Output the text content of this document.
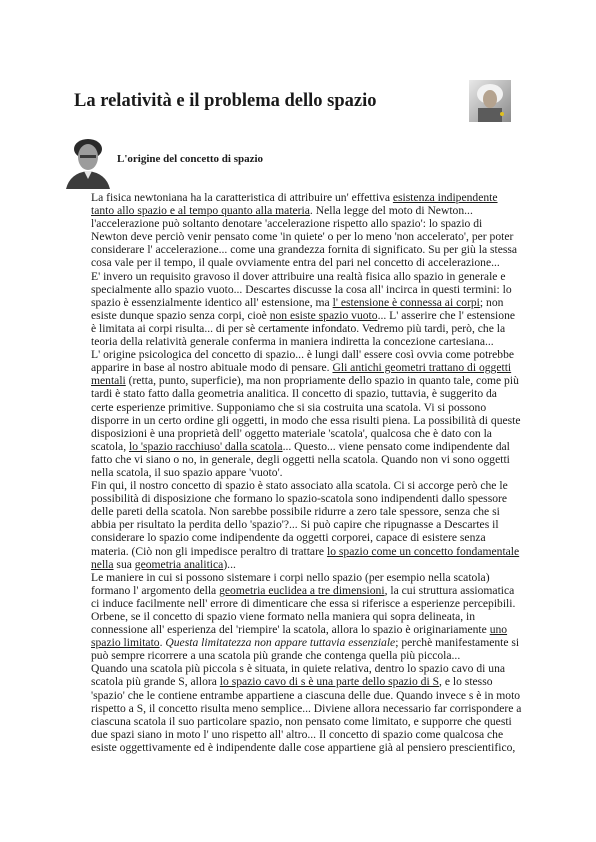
La relatività e il problema dello spazio
L'origine del concetto di spazio

La fisica newtoniana ha la caratteristica di attribuire un' effettiva esistenza indipendente
tanto allo spazio e al tempo quanto alla materia. Nella legge del moto di Newton...
l'accelerazione può soltanto denotare 'accelerazione rispetto allo spazio': lo spazio di
Newton deve perciò venir pensato come 'in quiete' o per lo meno 'non accelerato', per poter
considerare l' accelerazione... come una grandezza fornita di significato. Su per giù la stessa
cosa vale per il tempo, il quale ovviamente entra del pari nel concetto di accelerazione...

E' invero un requisito gravoso il dover attribuire una realtà fisica allo spazio in generale e
specialmente allo spazio vuoto... Descartes discusse la cosa all' incirca in questi termini: lo
spazio è essenzialmente identico all' estensione, ma l' estensione è connessa ai corpi; non
esiste dunque spazio senza corpi, cioè non esiste spazio vuoto... L' asserire che l' estensione
è limitata ai corpi risulta... di per sè certamente infondato. Vedremo più tardi, però, che la
teoria della relatività generale conferma in maniera indiretta la concezione cartesiana...

L' origine psicologica del concetto di spazio... è lungi dall' essere così ovvia come potrebbe
apparire in base al nostro abituale modo di pensare. Gli antichi geometri trattano di oggetti
mentali (retta, punto, superficie), ma non propriamente dello spazio in quanto tale, come più
tardi è stato fatto dalla geometria analitica. Il concetto di spazio, tuttavia, è suggerito da
certe esperienze primitive. Supponiamo che si sia costruita una scatola. Vi si possono
disporre in un certo ordine gli oggetti, in modo che essa risulti piena. La possibilità di queste
disposizioni è una proprietà dell' oggetto materiale 'scatola', qualcosa che è dato con la
scatola, lo 'spazio racchiuso' dalla scatola... Questo... viene pensato come indipendente dal
fatto che vi siano o no, in generale, degli oggetti nella scatola. Quando non vi sono oggetti
nella scatola, il suo spazio appare 'vuoto'.

Fin qui, il nostro concetto di spazio è stato associato alla scatola. Ci si accorge però che le
possibilità di disposizione che formano lo spazio-scatola sono indipendenti dallo spessore
delle pareti della scatola. Non sarebbe possibile ridurre a zero tale spessore, senza che si
abbia per risultato la perdita dello 'spazio'?... Si può capire che ripugnasse a Descartes il
considerare lo spazio come indipendente da oggetti corporei, capace di esistere senza
materia. (Ciò non gli impedisce peraltro di trattare lo spazio come un concetto fondamentale
nella sua geometria analitica)...

Le maniere in cui si possono sistemare i corpi nello spazio (per esempio nella scatola)
formano l' argomento della geometria euclidea a tre dimensioni, la cui struttura assiomatica
ci induce facilmente nell' errore di dimenticare che essa si riferisce a esperienze percepibili.
Orbene, se il concetto di spazio viene formato nella maniera qui sopra delineata, in
connessione all' esperienza del 'riempire' la scatola, allora lo spazio è originariamente uno
spazio limitato. Questa limitatezza non appare tuttavia essenziale; perchè manifestamente si
può sempre ricorrere a una scatola più grande che contenga quella più piccola...

Quando una scatola più piccola s è situata, in quiete relativa, dentro lo spazio cavo di una
scatola più grande S, allora lo spazio cavo di s è una parte dello spazio di S, e lo stesso
'spazio' che le contiene entrambe appartiene a ciascuna delle due. Quando invece s è in moto
rispetto a S, il concetto risulta meno semplice... Diviene allora necessario far corrispondere a
ciascuna scatola il suo particolare spazio, non pensato come limitato, e supporre che questi
due spazi siano in moto l' uno rispetto all' altro... Il concetto di spazio come qualcosa che
esiste oggettivamente ed è indipendente dalle cose appartiene già al pensiero prescientifico,
